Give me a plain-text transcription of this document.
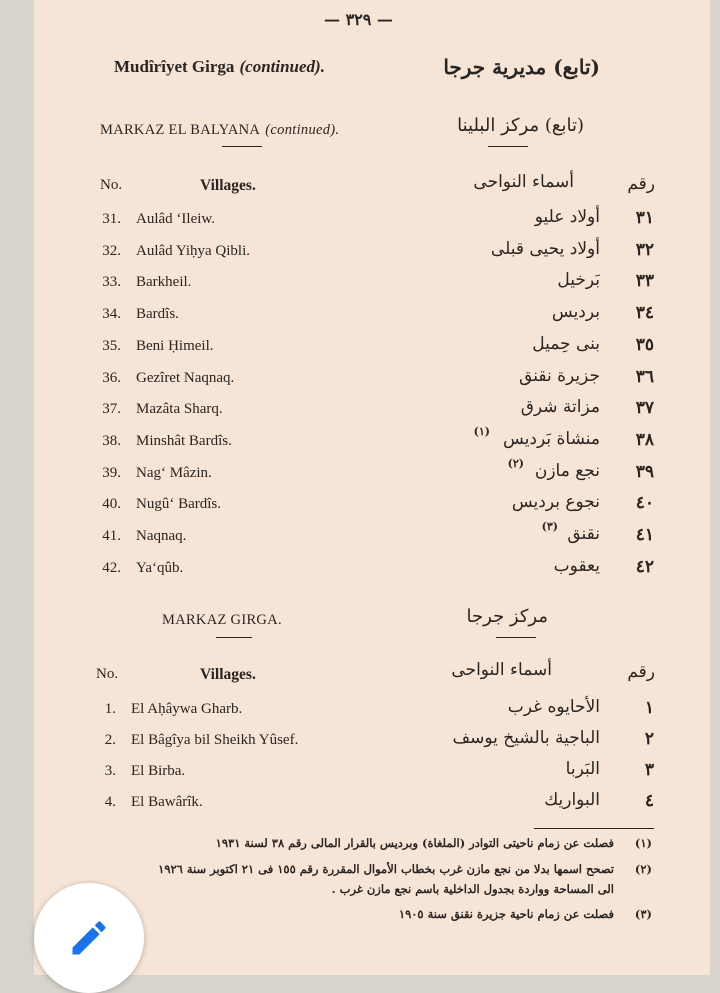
— ٣٢٩ —
Mudîrîyet Girga (continued).	(تابع) مديرية جرجا
MARKAZ EL BALYANA (continued).	(تابع) مركز البلينا
No.	Villages.	أسماء النواحى	رقم
31. Aulâd ‘Ileiw.	أولاد عليو ٣١
32. Aulâd Yiḥya Qibli.	أولاد يحيى قبلى ٣٢
33. Barkheil.	بَرخيل ٣٣
34. Bardîs.	برديس ٣٤
35. Beni Ḥimeil.	بنى حِميل ٣٥
36. Gezîret Naqnaq.	جزيرة نقنق ٣٦
37. Mazâta Sharq.	مزاتة شرق ٣٧
38. Minshât Bardîs.	منشاة بَرديس ٣٨
(١)
39. Nag‘ Mâzin.	نجع مازن ٣٩
(٢)
40. Nugû‘ Bardîs.	نجوع برديس ٤٠
41. Naqnaq.	نقنق ٤١
(٣)
42. Ya‘qûb.	يعقوب ٤٢
MARKAZ GIRGA.	مركز جرجا
No.	Villages.	أسماء النواحى	رقم
1. El Aḥâywa Gharb.	الأحايوه غرب	١
2. El Bâgîya bil Sheikh Yûsef.	الباجية بالشيخ يوسف	٢
3. El Birba.	البَربا	٣
4. El Bawârîk.	البواريك	٤
فصلت عن زمام ناحيتى التوادر (الملغاة) وبرديس بالقرار المالى رقم ٣٨ لسنة ١٩٣١ (١)
تصحح اسمها بدلا من نجع مازن غرب بخطاب الأموال المقررة رقم ١٥٥ فى ٢١ اكتوبر سنة ١٩٢٦ (٢)
الى المساحة وواردة بجدول الداخلية باسم نجع مازن غرب .
فصلت عن زمام ناحية جزيرة نقنق سنة ١٩٠٥ (٣)
